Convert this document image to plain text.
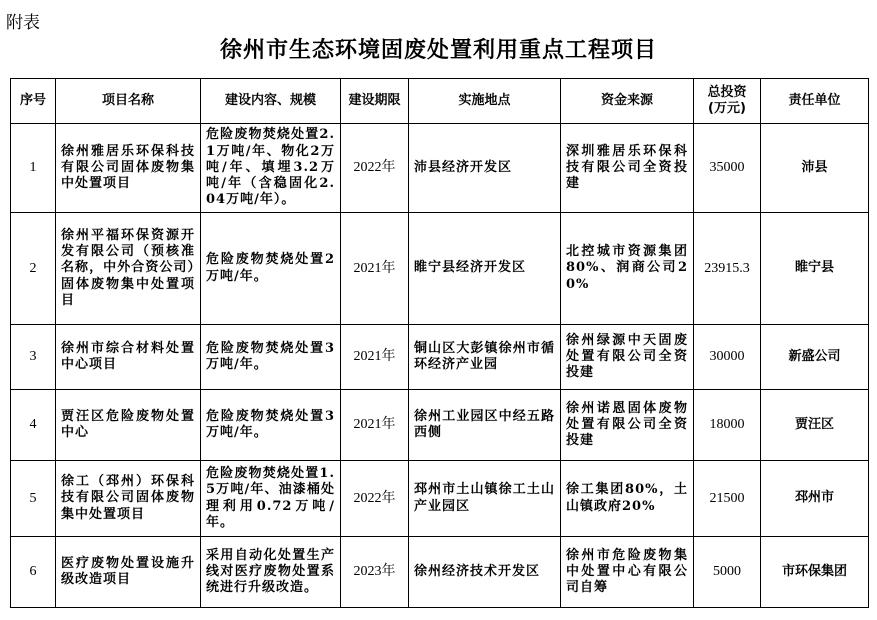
附表
徐州市生态环境固废处置利用重点工程项目
序号	项目名称	建设内容、规模	建设期限	实施地点	资金来源	总投资(万元)	责任单位
1	徐州雅居乐环保科技有限公司固体废物集中处置项目	危险废物焚烧处置2.1万吨/年、物化2万吨/年、填埋3.2万吨/年（含稳固化2.04万吨/年）。	2022年	沛县经济开发区	深圳雅居乐环保科技有限公司全资投建	35000	沛县
2	徐州平福环保资源开发有限公司（预核准名称，中外合资公司）固体废物集中处置项目	危险废物焚烧处置2万吨/年。	2021年	睢宁县经济开发区	北控城市资源集团80%、润商公司20%	23915.3	睢宁县
3	徐州市综合材料处置中心项目	危险废物焚烧处置3万吨/年。	2021年	铜山区大彭镇徐州市循环经济产业园	徐州绿源中天固废处置有限公司全资投建	30000	新盛公司
4	贾汪区危险废物处置中心	危险废物焚烧处置3万吨/年。	2021年	徐州工业园区中经五路西侧	徐州诺恩固体废物处置有限公司全资投建	18000	贾汪区
5	徐工（邳州）环保科技有限公司固体废物集中处置项目	危险废物焚烧处置1.5万吨/年、油漆桶处理利用0.72万吨/年。	2022年	邳州市土山镇徐工土山产业园区	徐工集团80%，土山镇政府20%	21500	邳州市
6	医疗废物处置设施升级改造项目	采用自动化处置生产线对医疗废物处置系统进行升级改造。	2023年	徐州经济技术开发区	徐州市危险废物集中处置中心有限公司自筹	5000	市环保集团
